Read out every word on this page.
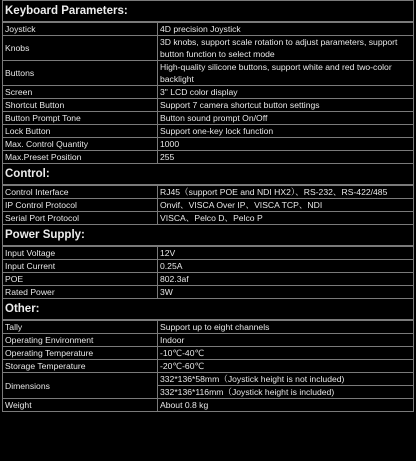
Keyboard Parameters:
Joystick	4D precision Joystick
Knobs	3D knobs, support scale rotation to adjust parameters, support button function to select mode
Buttons	High-quality silicone buttons, support white and red two-color backlight
Screen	3" LCD color display
Shortcut Button	Support 7 camera shortcut button settings
Button Prompt Tone	Button sound prompt On/Off
Lock Button	Support one-key lock function
Max. Control Quantity	1000
Max.Preset Position	255
Control:
Control Interface	RJ45（support POE and NDI HX2）、RS-232、RS-422/485
IP Control Protocol	Onvif、VISCA Over IP、VISCA TCP、NDI
Serial Port Protocol	VISCA、Pelco D、Pelco P
Power Supply:
Input Voltage	12V
Input Current	0.25A
POE	802.3af
Rated Power	3W
Other:
Tally	Support up to eight channels
Operating Environment	Indoor
Operating Temperature	-10℃-40℃
Storage Temperature	-20℃-60℃
Dimensions	332*136*58mm（Joystick height is not included)
332*136*116mm（Joystick height is included)

Weight	About 0.8 kg
